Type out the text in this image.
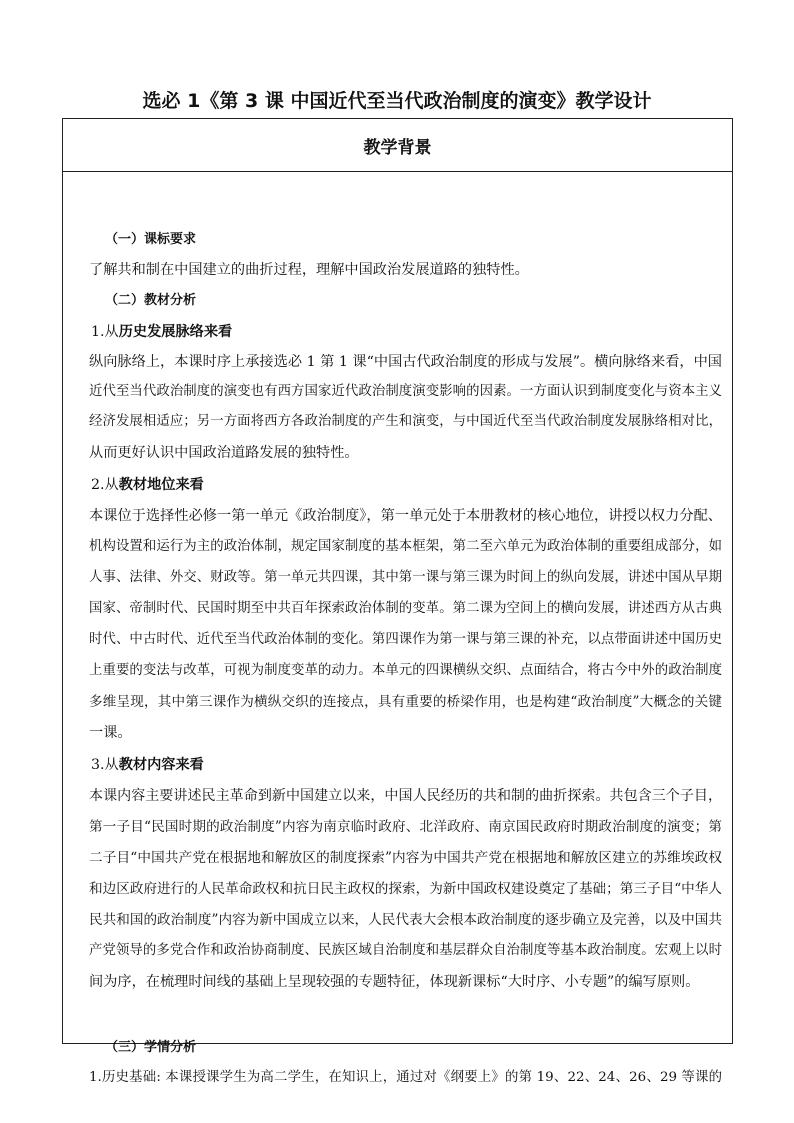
选必 1《第 3 课 中国近代至当代政治制度的演变》教学设计
教学背景
（一）课标要求
了解共和制在中国建立的曲折过程，理解中国政治发展道路的独特性。
（二）教材分析
1.从历史发展脉络来看
纵向脉络上，本课时序上承接选必 1 第 1 课“中国古代政治制度的形成与发展”。横向脉络来看，中国
近代至当代政治制度的演变也有西方国家近代政治制度演变影响的因素。一方面认识到制度变化与资本主义
经济发展相适应；另一方面将西方各政治制度的产生和演变，与中国近代至当代政治制度发展脉络相对比，
从而更好认识中国政治道路发展的独特性。
2.从教材地位来看
本课位于选择性必修一第一单元《政治制度》，第一单元处于本册教材的核心地位，讲授以权力分配、
机构设置和运行为主的政治体制，规定国家制度的基本框架，第二至六单元为政治体制的重要组成部分，如
人事、法律、外交、财政等。第一单元共四课，其中第一课与第三课为时间上的纵向发展，讲述中国从早期
国家、帝制时代、民国时期至中共百年探索政治体制的变革。第二课为空间上的横向发展，讲述西方从古典
时代、中古时代、近代至当代政治体制的变化。第四课作为第一课与第三课的补充，以点带面讲述中国历史
上重要的变法与改革，可视为制度变革的动力。本单元的四课横纵交织、点面结合，将古今中外的政治制度
多维呈现，其中第三课作为横纵交织的连接点，具有重要的桥梁作用，也是构建“政治制度”大概念的关键
一课。
3.从教材内容来看
本课内容主要讲述民主革命到新中国建立以来，中国人民经历的共和制的曲折探索。共包含三个子目，
第一子目“民国时期的政治制度”内容为南京临时政府、北洋政府、南京国民政府时期政治制度的演变；第
二子目“中国共产党在根据地和解放区的制度探索”内容为中国共产党在根据地和解放区建立的苏维埃政权
和边区政府进行的人民革命政权和抗日民主政权的探索，为新中国政权建设奠定了基础；第三子目“中华人
民共和国的政治制度”内容为新中国成立以来，人民代表大会根本政治制度的逐步确立及完善，以及中国共
产党领导的多党合作和政治协商制度、民族区域自治制度和基层群众自治制度等基本政治制度。宏观上以时
间为序，在梳理时间线的基础上呈现较强的专题特征，体现新课标“大时序、小专题”的编写原则。
（三）学情分析
1.历史基础: 本课授课学生为高二学生，在知识上，通过对《纲要上》的第 19、22、24、26、29 等课的
